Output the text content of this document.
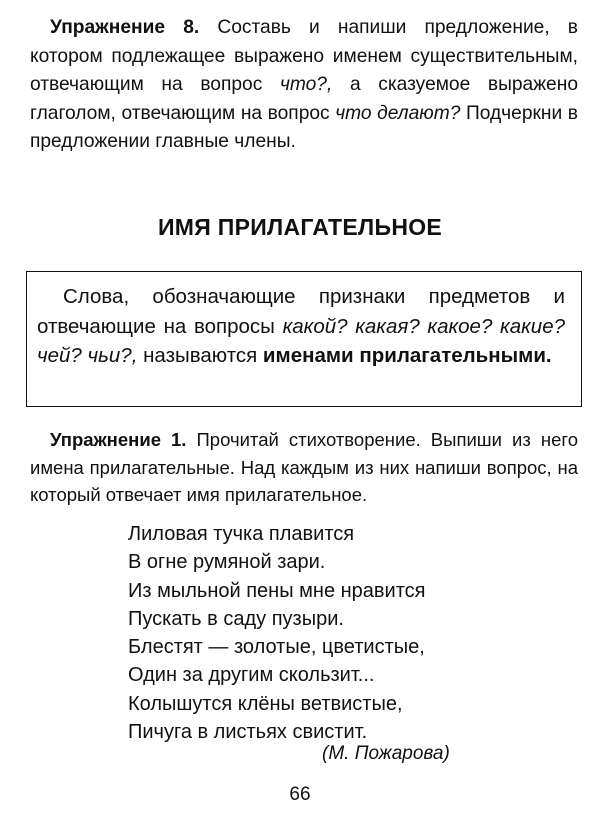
Упражнение 8. Составь и напиши предложение, в котором подлежащее выражено именем существительным, отвечающим на вопрос что?, а сказуемое выражено глаголом, отвечающим на вопрос что делают? Подчеркни в предложении главные члены.
ИМЯ ПРИЛАГАТЕЛЬНОЕ
Слова, обозначающие признаки предметов и отвечающие на вопросы какой? какая? какое? какие? чей? чьи?, называются именами прилагательными.
Упражнение 1. Прочитай стихотворение. Выпиши из него имена прилагательные. Над каждым из них напиши вопрос, на который отвечает имя прилагательное.
Лиловая тучка плавится
В огне румяной зари.
Из мыльной пены мне нравится
Пускать в саду пузыри.
Блестят — золотые, цветистые,
Один за другим скользит...
Колышутся клёны ветвистые,
Пичуга в листьях свистит.
(М. Пожарова)
66
